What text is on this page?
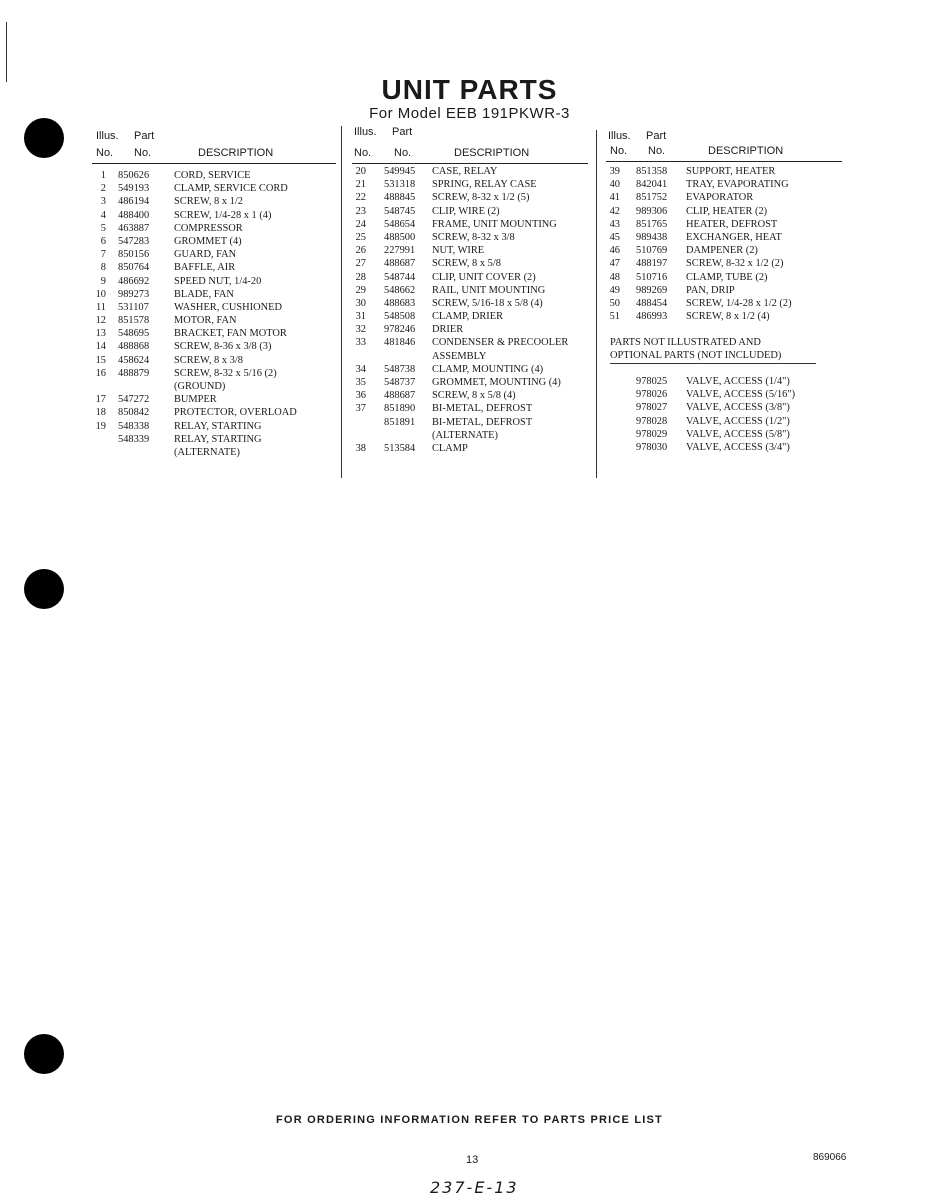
UNIT PARTS
For Model EEB 191PKWR-3
Illus. Part
No. No.	DESCRIPTION
1 850626 CORD, SERVICE
2 549193 CLAMP, SERVICE CORD
3 486194 SCREW, 8 x 1/2
4 488400 SCREW, 1/4-28 x 1 (4)
5 463887 COMPRESSOR
6 547283 GROMMET (4)
7 850156 GUARD, FAN
8 850764 BAFFLE, AIR
9 486692 SPEED NUT, 1/4-20
10 989273 BLADE, FAN
11 531107 WASHER, CUSHIONED
12 851578 MOTOR, FAN
13 548695 BRACKET, FAN MOTOR
14 488868 SCREW, 8-36 x 3/8 (3)
15 458624 SCREW, 8 x 3/8
16 488879 SCREW, 8-32 x 5/16 (2)
(GROUND)
17 547272 BUMPER
18 850842 PROTECTOR, OVERLOAD
19 548338 RELAY, STARTING
548339 RELAY, STARTING
(ALTERNATE)
Illus. Part
No. No.	DESCRIPTION
20 549945 CASE, RELAY
21 531318 SPRING, RELAY CASE
22 488845 SCREW, 8-32 x 1/2 (5)
23 548745 CLIP, WIRE (2)
24 548654 FRAME, UNIT MOUNTING
25 488500 SCREW, 8-32 x 3/8
26 227991 NUT, WIRE
27 488687 SCREW, 8 x 5/8
28 548744 CLIP, UNIT COVER (2)
29 548662 RAIL, UNIT MOUNTING
30 488683 SCREW, 5/16-18 x 5/8 (4)
31 548508 CLAMP, DRIER
32 978246 DRIER
33 481846 CONDENSER & PRECOOLER
ASSEMBLY
34 548738 CLAMP, MOUNTING (4)
35 548737 GROMMET, MOUNTING (4)
36 488687 SCREW, 8 x 5/8 (4)
37 851890 BI-METAL, DEFROST
851891 BI-METAL, DEFROST
(ALTERNATE)
38 513584 CLAMP
Illus. Part
No. No.	DESCRIPTION
39 851358 SUPPORT, HEATER
40 842041 TRAY, EVAPORATING
41 851752 EVAPORATOR
42 989306 CLIP, HEATER (2)
43 851765 HEATER, DEFROST
45 989438 EXCHANGER, HEAT
46 510769 DAMPENER (2)
47 488197 SCREW, 8-32 x 1/2 (2)
48 510716 CLAMP, TUBE (2)
49 989269 PAN, DRIP
50 488454 SCREW, 1/4-28 x 1/2 (2)
51 486993 SCREW, 8 x 1/2 (4)
PARTS NOT ILLUSTRATED AND
OPTIONAL PARTS (NOT INCLUDED)
978025 VALVE, ACCESS (1/4")
978026 VALVE, ACCESS (5/16")
978027 VALVE, ACCESS (3/8")
978028 VALVE, ACCESS (1/2")
978029 VALVE, ACCESS (5/8")
978030 VALVE, ACCESS (3/4")
FOR ORDERING INFORMATION REFER TO PARTS PRICE LIST
13	869066
237-E-13
